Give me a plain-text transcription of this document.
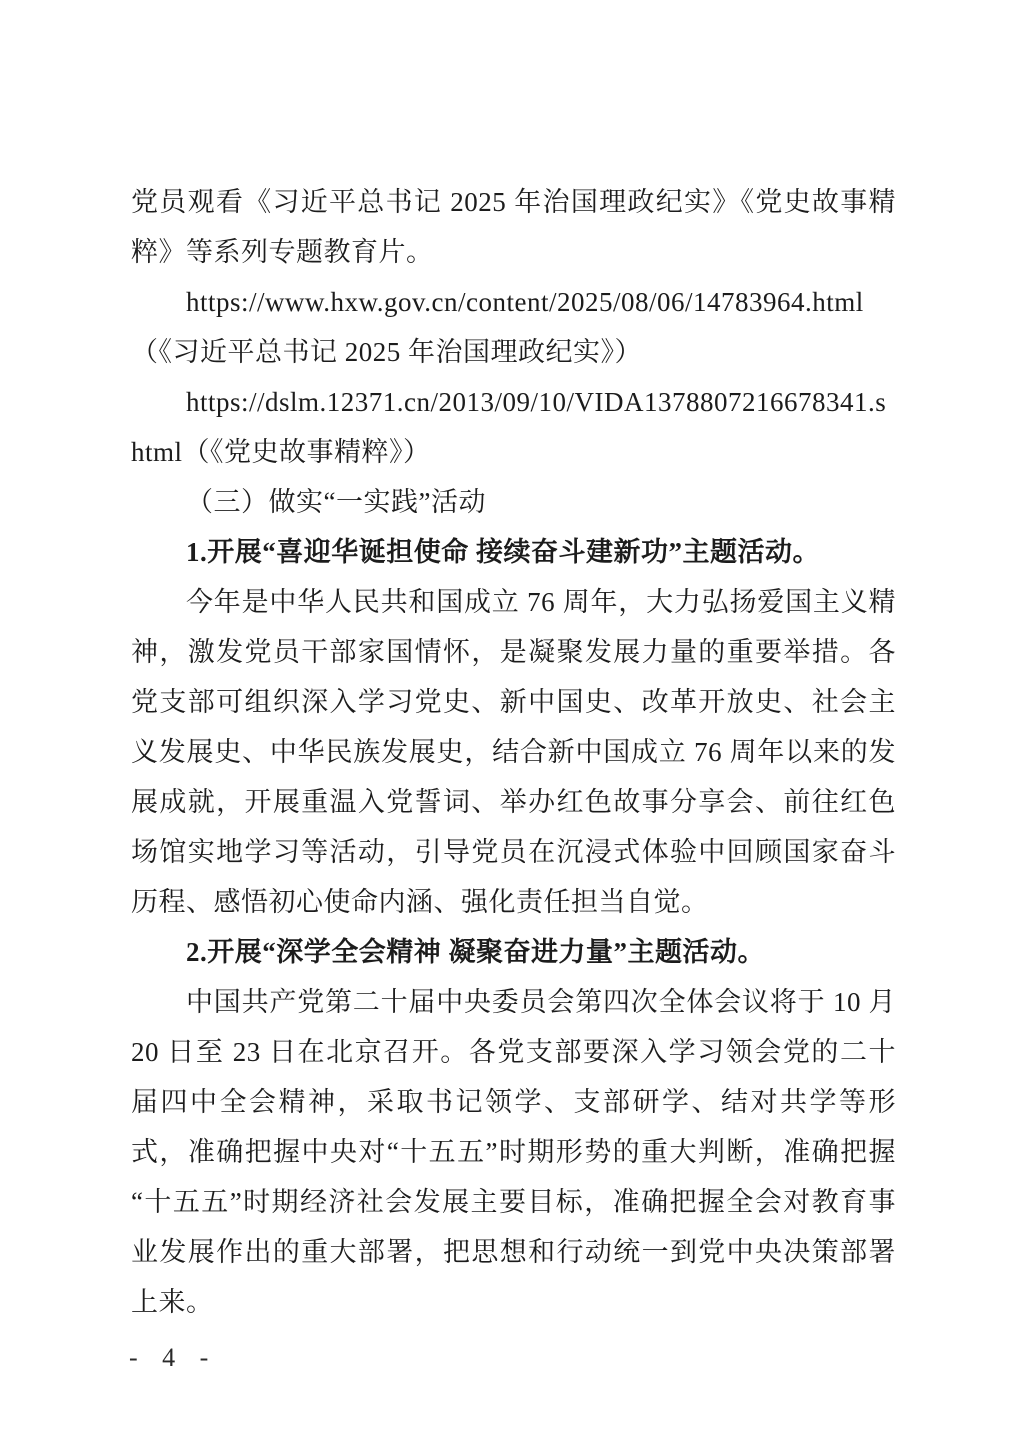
党员观看《习近平总书记 2025 年治国理政纪实》《党史故事精粹》等系列专题教育片。

https://www.hxw.gov.cn/content/2025/08/06/14783964.html（《习近平总书记 2025 年治国理政纪实》）

https://dslm.12371.cn/2013/09/10/VIDA1378807216678341.shtml（《党史故事精粹》）

（三）做实“一实践”活动

1.开展“喜迎华诞担使命 接续奋斗建新功”主题活动。

今年是中华人民共和国成立 76 周年，大力弘扬爱国主义精神，激发党员干部家国情怀，是凝聚发展力量的重要举措。各党支部可组织深入学习党史、新中国史、改革开放史、社会主义发展史、中华民族发展史，结合新中国成立 76 周年以来的发展成就，开展重温入党誓词、举办红色故事分享会、前往红色场馆实地学习等活动，引导党员在沉浸式体验中回顾国家奋斗历程、感悟初心使命内涵、强化责任担当自觉。

2.开展“深学全会精神 凝聚奋进力量”主题活动。

中国共产党第二十届中央委员会第四次全体会议将于 10 月 20 日至 23 日在北京召开。各党支部要深入学习领会党的二十届四中全会精神，采取书记领学、支部研学、结对共学等形式，准确把握中央对“十五五”时期形势的重大判断，准确把握“十五五”时期经济社会发展主要目标，准确把握全会对教育事业发展作出的重大部署，把思想和行动统一到党中央决策部署上来。

- 4 -
